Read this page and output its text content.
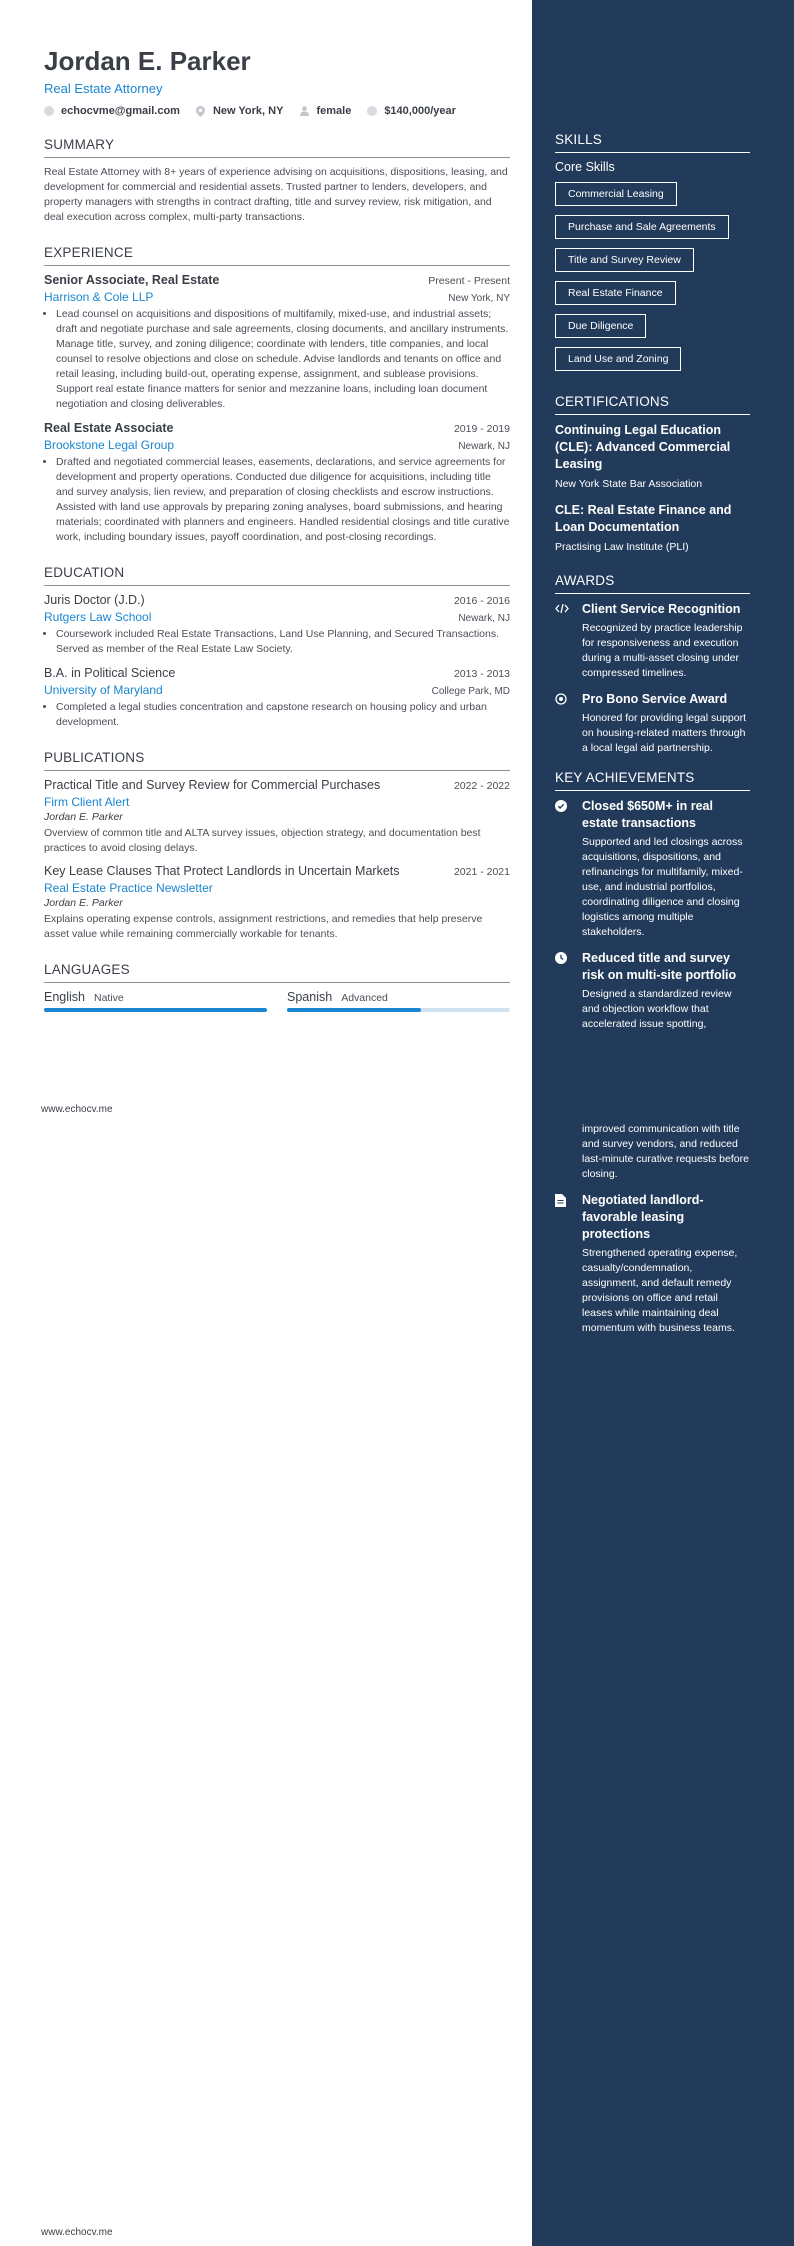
Jordan E. Parker
Real Estate Attorney
echocvme@gmail.com	New York, NY	female	$140,000/year
SUMMARY
Real Estate Attorney with 8+ years of experience advising on acquisitions, dispositions, leasing, and development for commercial and residential assets. Trusted partner to lenders, developers, and property managers with strengths in contract drafting, title and survey review, risk mitigation, and deal execution across complex, multi-party transactions.
EXPERIENCE
Senior Associate, Real Estate	Present - Present
Harrison & Cole LLP	New York, NY
• Lead counsel on acquisitions and dispositions of multifamily, mixed-use, and industrial assets; draft and negotiate purchase and sale agreements, closing documents, and ancillary instruments. Manage title, survey, and zoning diligence; coordinate with lenders, title companies, and local counsel to resolve objections and close on schedule. Advise landlords and tenants on office and retail leasing, including build-out, operating expense, assignment, and sublease provisions. Support real estate finance matters for senior and mezzanine loans, including loan document negotiation and closing deliverables.
Real Estate Associate	2019 - 2019
Brookstone Legal Group	Newark, NJ
• Drafted and negotiated commercial leases, easements, declarations, and service agreements for development and property operations. Conducted due diligence for acquisitions, including title and survey analysis, lien review, and preparation of closing checklists and escrow instructions. Assisted with land use approvals by preparing zoning analyses, board submissions, and hearing materials; coordinated with planners and engineers. Handled residential closings and title curative work, including boundary issues, payoff coordination, and post-closing recordings.
EDUCATION
Juris Doctor (J.D.)	2016 - 2016
Rutgers Law School	Newark, NJ
• Coursework included Real Estate Transactions, Land Use Planning, and Secured Transactions. Served as member of the Real Estate Law Society.
B.A. in Political Science	2013 - 2013
University of Maryland	College Park, MD
• Completed a legal studies concentration and capstone research on housing policy and urban development.
PUBLICATIONS
Practical Title and Survey Review for Commercial Purchases	2022 - 2022
Firm Client Alert
Jordan E. Parker
Overview of common title and ALTA survey issues, objection strategy, and documentation best practices to avoid closing delays.
Key Lease Clauses That Protect Landlords in Uncertain Markets	2021 - 2021
Real Estate Practice Newsletter
Jordan E. Parker
Explains operating expense controls, assignment restrictions, and remedies that help preserve asset value while remaining commercially workable for tenants.
LANGUAGES
English Native	Spanish Advanced
www.echocv.me
www.echocv.me
SKILLS
Core Skills
Commercial Leasing
Purchase and Sale Agreements
Title and Survey Review
Real Estate Finance
Due Diligence
Land Use and Zoning
CERTIFICATIONS
Continuing Legal Education (CLE): Advanced Commercial Leasing
New York State Bar Association
CLE: Real Estate Finance and Loan Documentation
Practising Law Institute (PLI)
AWARDS
Client Service Recognition
Recognized by practice leadership for responsiveness and execution during a multi-asset closing under compressed timelines.
Pro Bono Service Award
Honored for providing legal support on housing-related matters through a local legal aid partnership.
KEY ACHIEVEMENTS
Closed $650M+ in real estate transactions
Supported and led closings across acquisitions, dispositions, and refinancings for multifamily, mixed-use, and industrial portfolios, coordinating diligence and closing logistics among multiple stakeholders.
Reduced title and survey risk on multi-site portfolio
Designed a standardized review and objection workflow that accelerated issue spotting,
improved communication with title and survey vendors, and reduced last-minute curative requests before closing.
Negotiated landlord-favorable leasing protections
Strengthened operating expense, casualty/condemnation, assignment, and default remedy provisions on office and retail leases while maintaining deal momentum with business teams.
